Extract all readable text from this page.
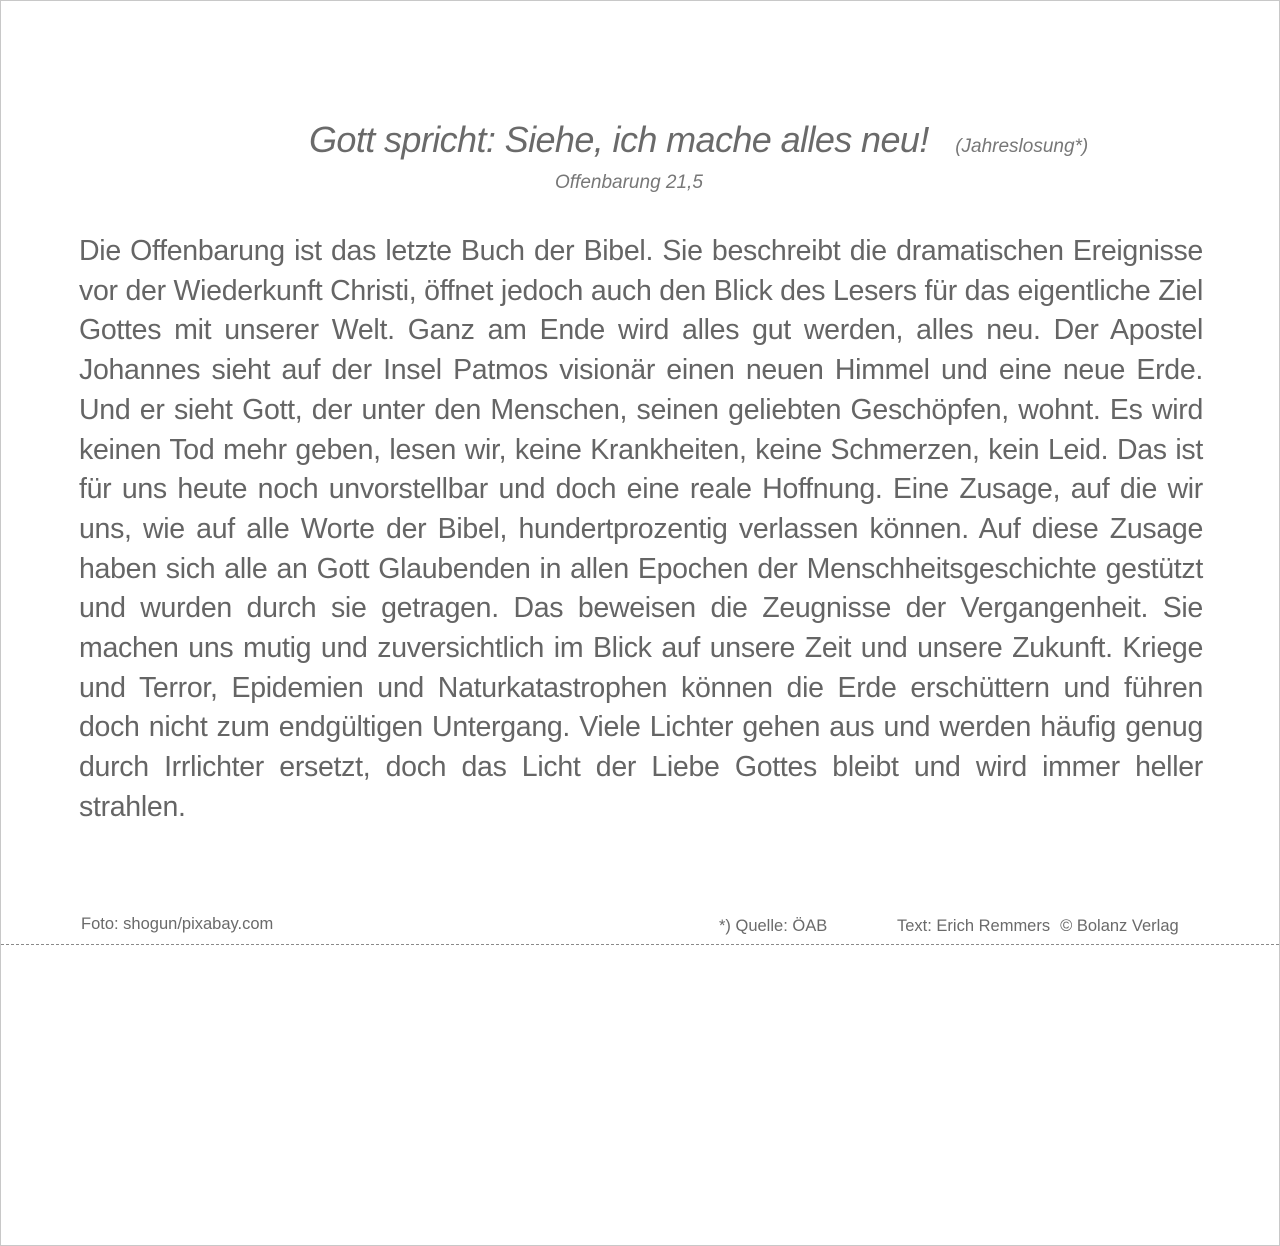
Gott spricht: Siehe, ich mache alles neu! (Jahreslosung*)
Offenbarung 21,5

Die Offenbarung ist das letzte Buch der Bibel. Sie beschreibt die dramatischen Ereignisse vor der Wiederkunft Christi, öffnet jedoch auch den Blick des Lesers für das eigentliche Ziel Gottes mit unserer Welt. Ganz am Ende wird alles gut werden, alles neu. Der Apostel Johannes sieht auf der Insel Patmos visionär einen neuen Himmel und eine neue Erde. Und er sieht Gott, der unter den Menschen, seinen geliebten Geschöpfen, wohnt. Es wird keinen Tod mehr geben, lesen wir, keine Krankheiten, keine Schmerzen, kein Leid. Das ist für uns heute noch unvorstellbar und doch eine reale Hoffnung. Eine Zusage, auf die wir uns, wie auf alle Worte der Bibel, hundertprozentig verlassen können. Auf diese Zusage haben sich alle an Gott Glaubenden in allen Epochen der Menschheitsgeschichte gestützt und wurden durch sie getragen. Das beweisen die Zeugnisse der Vergangenheit. Sie machen uns mutig und zuversichtlich im Blick auf unsere Zeit und unsere Zukunft. Kriege und Terror, Epidemien und Naturkatastrophen können die Erde erschüttern und führen doch nicht zum endgültigen Untergang. Viele Lichter gehen aus und werden häufig genug durch Irrlichter ersetzt, doch das Licht der Liebe Gottes bleibt und wird immer heller strahlen.

Foto: shogun/pixabay.com	*) Quelle: ÖAB	Text: Erich Remmers © Bolanz Verlag
